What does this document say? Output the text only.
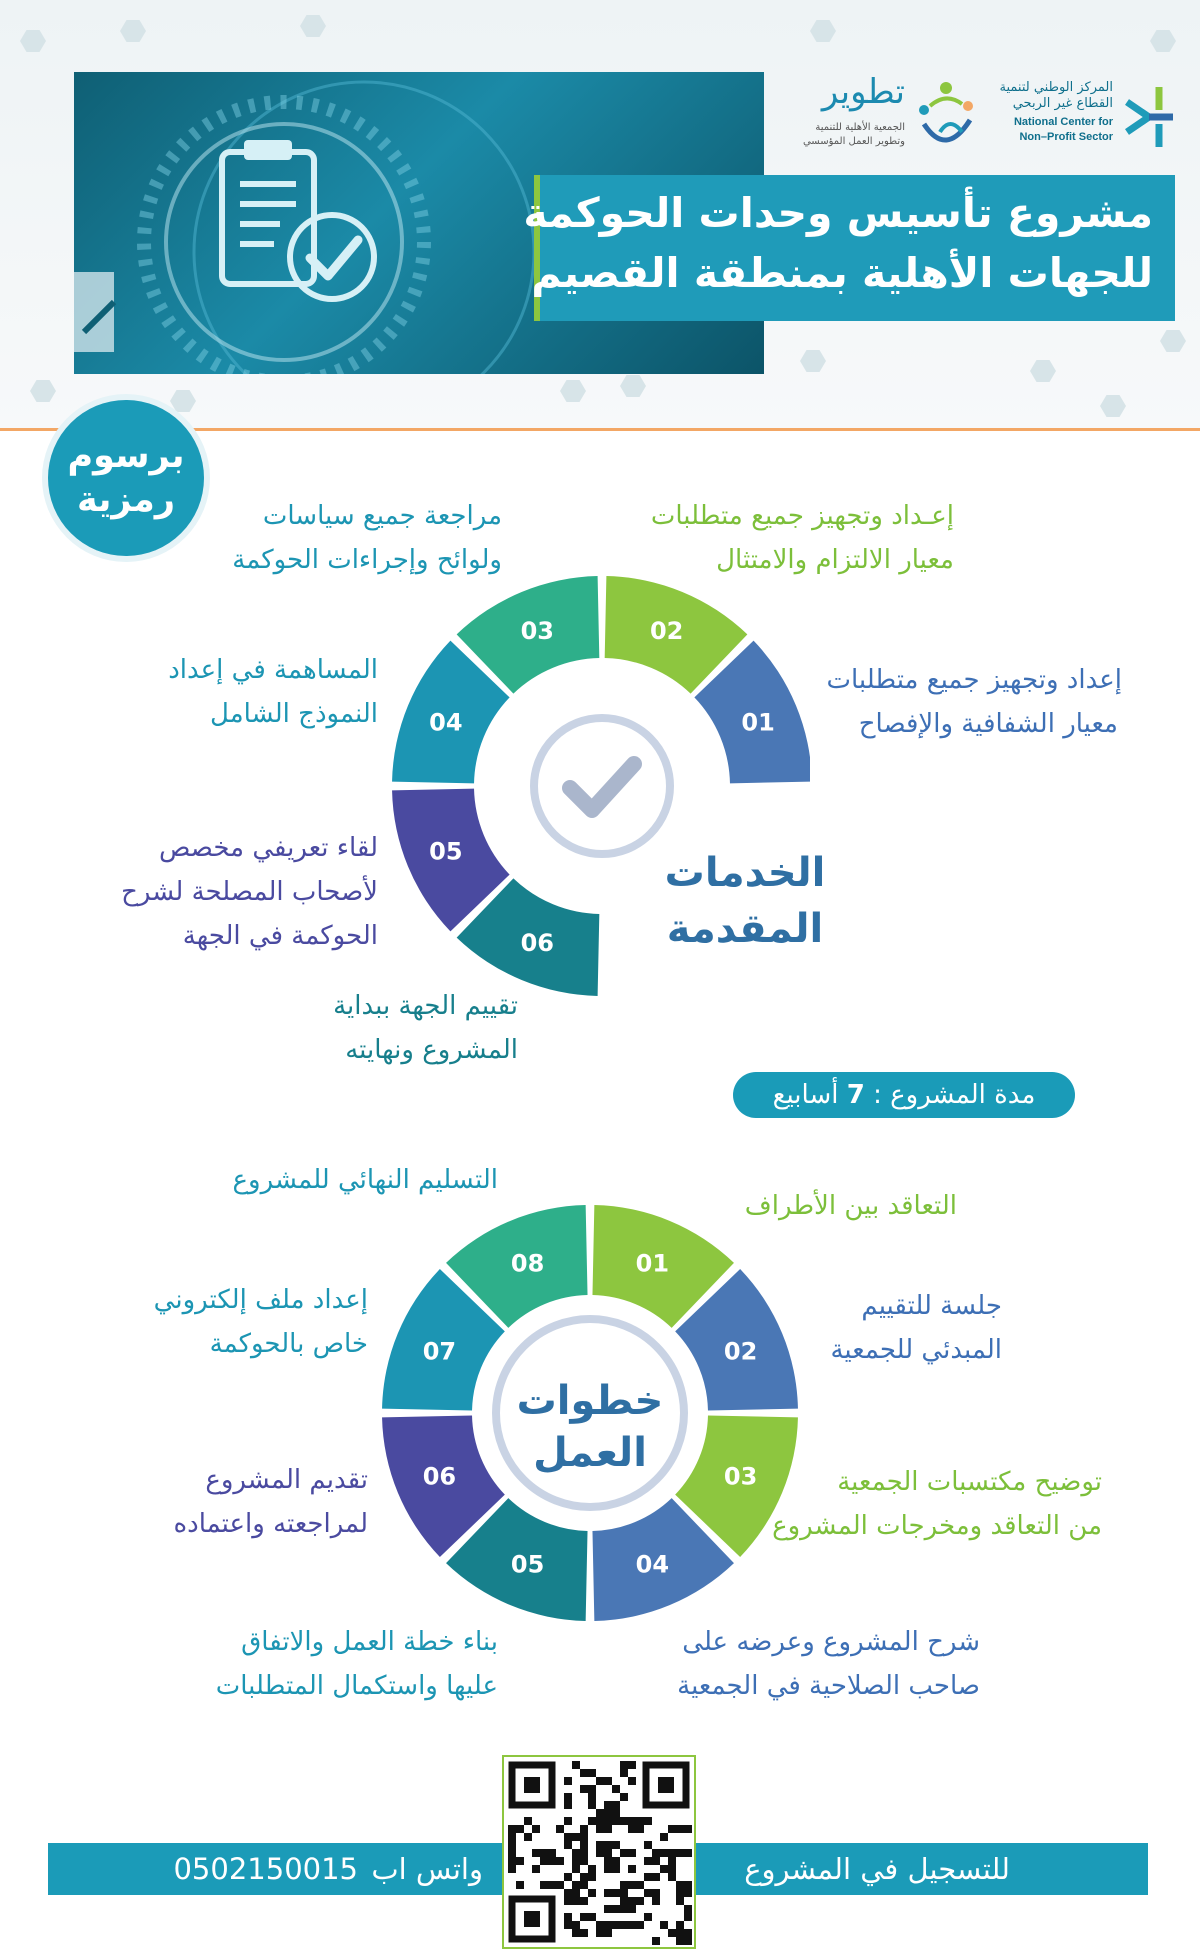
المركز الوطني لتنمية
القطاع غير الربحي
National Center for
Non–Profit Sector
تطوير
الجمعية الأهلية للتنمية
وتطوير العمل المؤسسي
مشروع تأسيس وحدات الحوكمة
للجهات الأهلية بمنطقة القصيم
برسوم
رمزية
01
02
03
04
05
06
إعـداد وتجهيز جميع متطلبات
معيار الالتزام والامتثال
إعداد وتجهيز جميع متطلبات
معيار الشفافية والإفصاح
مراجعة جميع سياسات
ولوائح وإجراءات الحوكمة
المساهمة في إعداد
النموذج الشامل
لقاء تعريفي مخصص
لأصحاب المصلحة لشرح
الحوكمة في الجهة
تقييم الجهة ببداية
المشروع ونهايته
الخدمات
المقدمة
مدة المشروع : 7 أسابيع
01
02
03
04
05
06
07
08
خطوات
العمل
التعاقد بين الأطراف
جلسة للتقييم
المبدئي للجمعية
توضيح مكتسبات الجمعية
من التعاقد ومخرجات المشروع
شرح المشروع وعرضه على
صاحب الصلاحية في الجمعية
بناء خطة العمل والاتفاق
عليها واستكمال المتطلبات
تقديم المشروع
لمراجعته واعتماده
إعداد ملف إلكتروني
خاص بالحوكمة
التسليم النهائي للمشروع
للتسجيل في المشروع
واتس اب
0502150015
